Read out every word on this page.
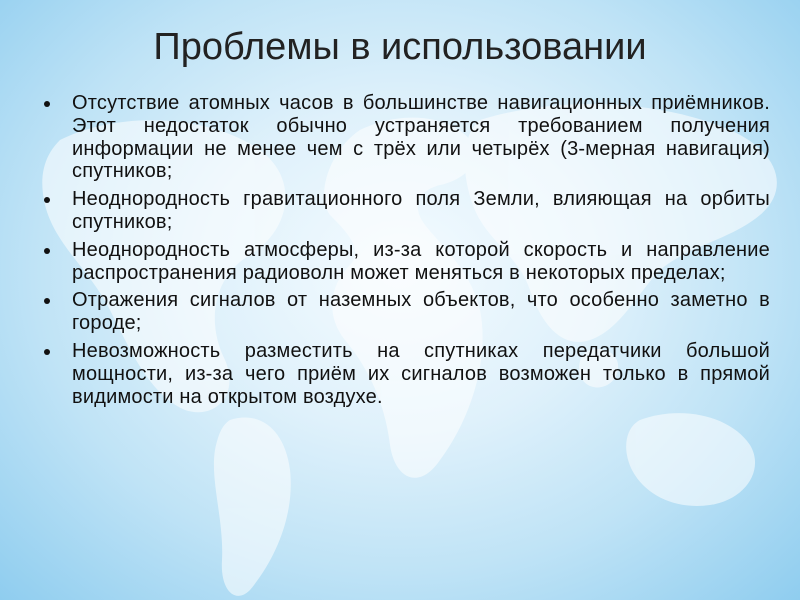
Проблемы в использовании
Отсутствие атомных часов в большинстве навигационных приёмников. Этот недостаток обычно устраняется требованием получения информации не менее чем с трёх или четырёх (3-мерная навигация) спутников;
Неоднородность гравитационного поля Земли, влияющая на орбиты спутников;
Неоднородность атмосферы, из-за которой скорость и направление распространения радиоволн может меняться в некоторых пределах;
Отражения сигналов от наземных объектов, что особенно заметно в городе;
Невозможность разместить на спутниках передатчики большой мощности, из-за чего приём их сигналов возможен только в прямой видимости на открытом воздухе.
